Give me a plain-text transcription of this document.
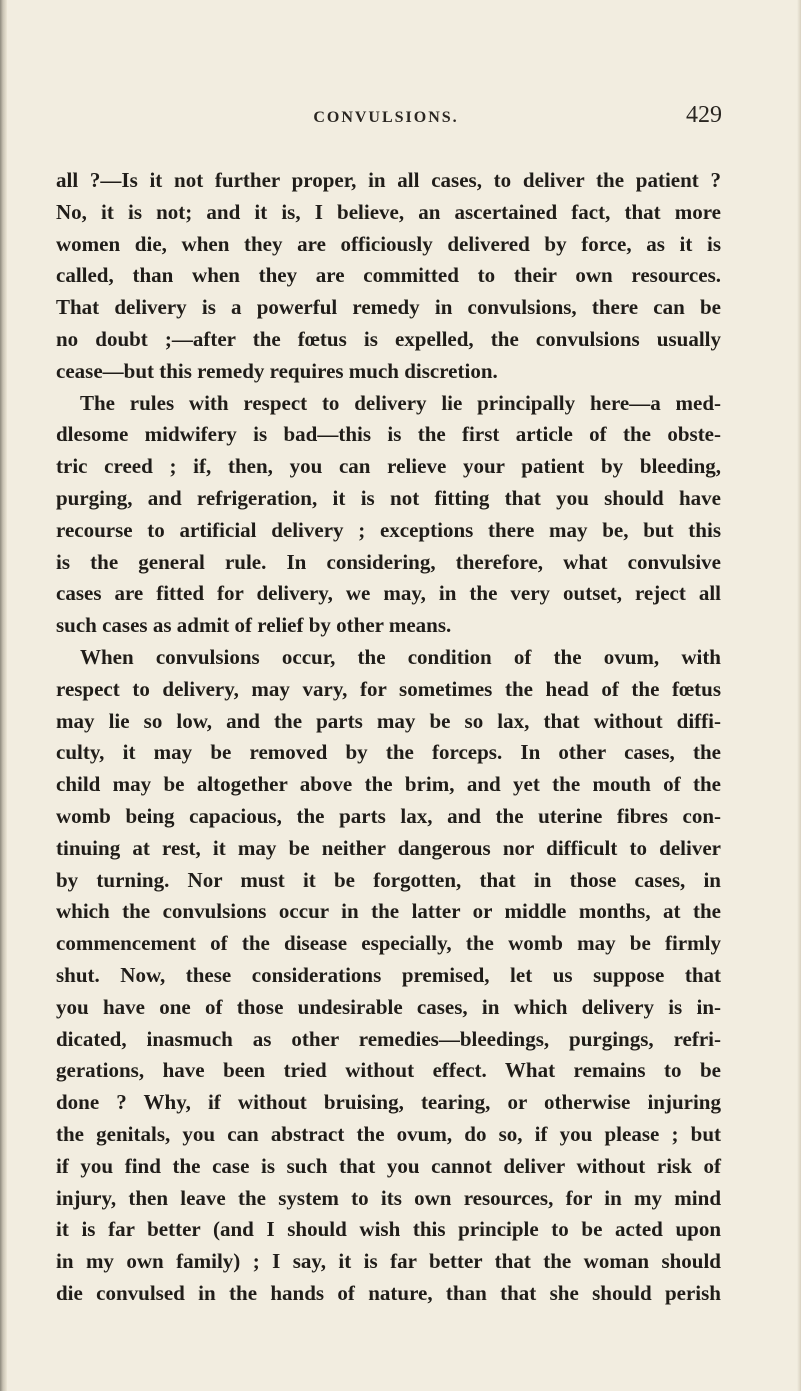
CONVULSIONS.	429
all ?—Is it not further proper, in all cases, to deliver the patient ?
No, it is not; and it is, I believe, an ascertained fact, that more
women die, when they are officiously delivered by force, as it is
called, than when they are committed to their own resources.
That delivery is a powerful remedy in convulsions, there can be
no doubt ;—after the fœtus is expelled, the convulsions usually
cease—but this remedy requires much discretion.
The rules with respect to delivery lie principally here—a med-
dlesome midwifery is bad—this is the first article of the obste-
tric creed ; if, then, you can relieve your patient by bleeding,
purging, and refrigeration, it is not fitting that you should have
recourse to artificial delivery ; exceptions there may be, but this
is the general rule. In considering, therefore, what convulsive
cases are fitted for delivery, we may, in the very outset, reject all
such cases as admit of relief by other means.
When convulsions occur, the condition of the ovum, with
respect to delivery, may vary, for sometimes the head of the fœtus
may lie so low, and the parts may be so lax, that without diffi-
culty, it may be removed by the forceps. In other cases, the
child may be altogether above the brim, and yet the mouth of the
womb being capacious, the parts lax, and the uterine fibres con-
tinuing at rest, it may be neither dangerous nor difficult to deliver
by turning. Nor must it be forgotten, that in those cases, in
which the convulsions occur in the latter or middle months, at the
commencement of the disease especially, the womb may be firmly
shut. Now, these considerations premised, let us suppose that
you have one of those undesirable cases, in which delivery is in-
dicated, inasmuch as other remedies—bleedings, purgings, refri-
gerations, have been tried without effect. What remains to be
done ? Why, if without bruising, tearing, or otherwise injuring
the genitals, you can abstract the ovum, do so, if you please ; but
if you find the case is such that you cannot deliver without risk of
injury, then leave the system to its own resources, for in my mind
it is far better (and I should wish this principle to be acted upon
in my own family) ; I say, it is far better that the woman should
die convulsed in the hands of nature, than that she should perish
